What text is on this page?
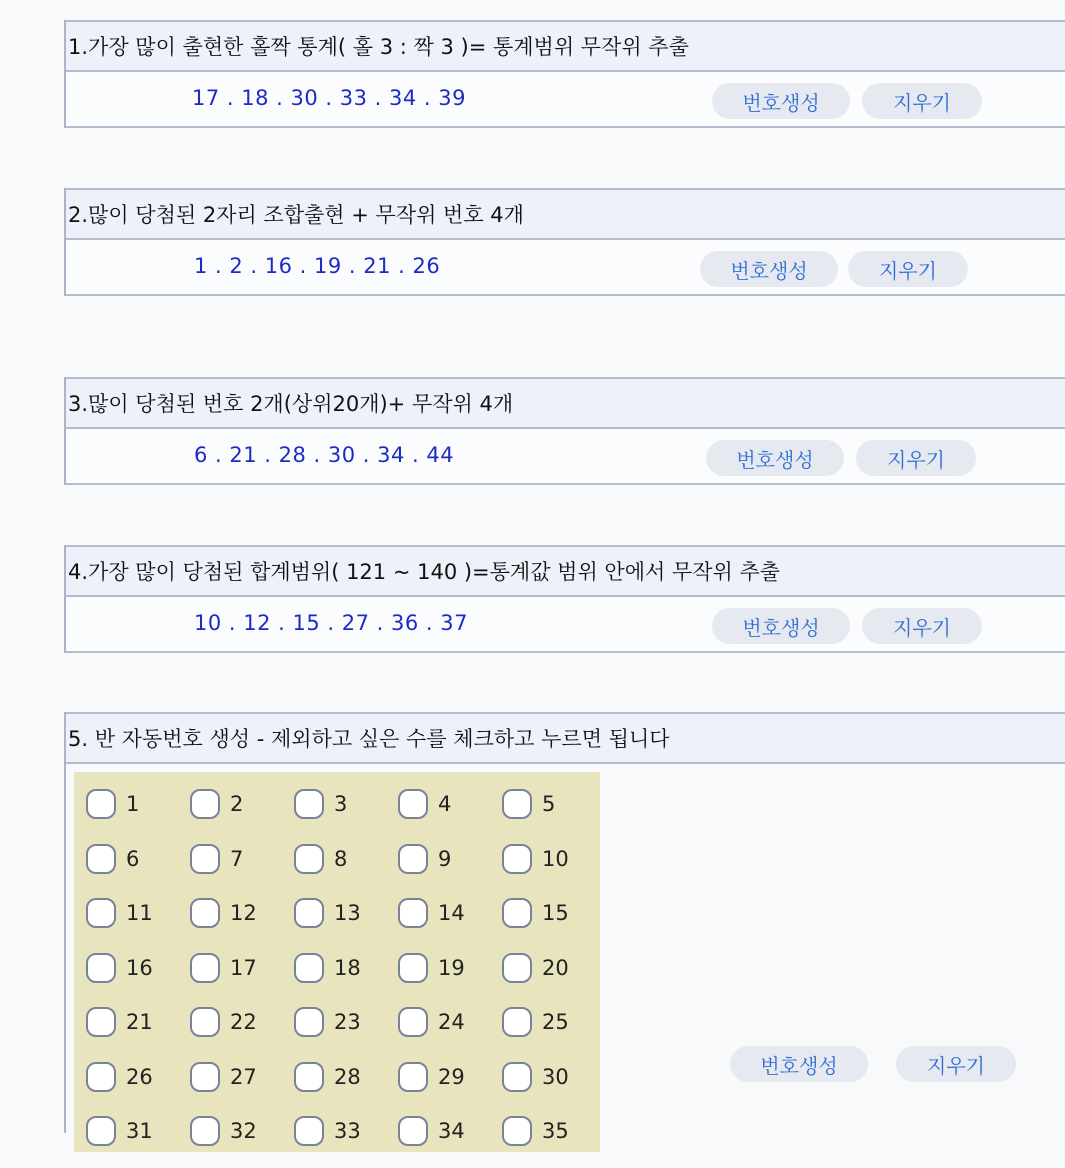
1.가장 많이 출현한 홀짝 통계( 홀 3 : 짝 3 )= 통계범위 무작위 추출
17 . 18 . 30 . 33 . 34 . 39	번호생성	지우기
2.많이 당첨된 2자리 조합출현 + 무작위 번호 4개
1 . 2 . 16 . 19 . 21 . 26	번호생성	지우기
3.많이 당첨된 번호 2개(상위20개)+ 무작위 4개
6 . 21 . 28 . 30 . 34 . 44	번호생성	지우기
4.가장 많이 당첨된 합계범위( 121 ~ 140 )=통계값 범위 안에서 무작위 추출
10 . 12 . 15 . 27 . 36 . 37	번호생성	지우기
5. 반 자동번호 생성 - 제외하고 싶은 수를 체크하고 누르면 됩니다
1	2	3	4	5
6	7	8	9	10
11	12	13	14	15
16	17	18	19	20
21	22	23	24	25
26	27	28	29	30
31	32	33	34	35
번호생성	지우기
